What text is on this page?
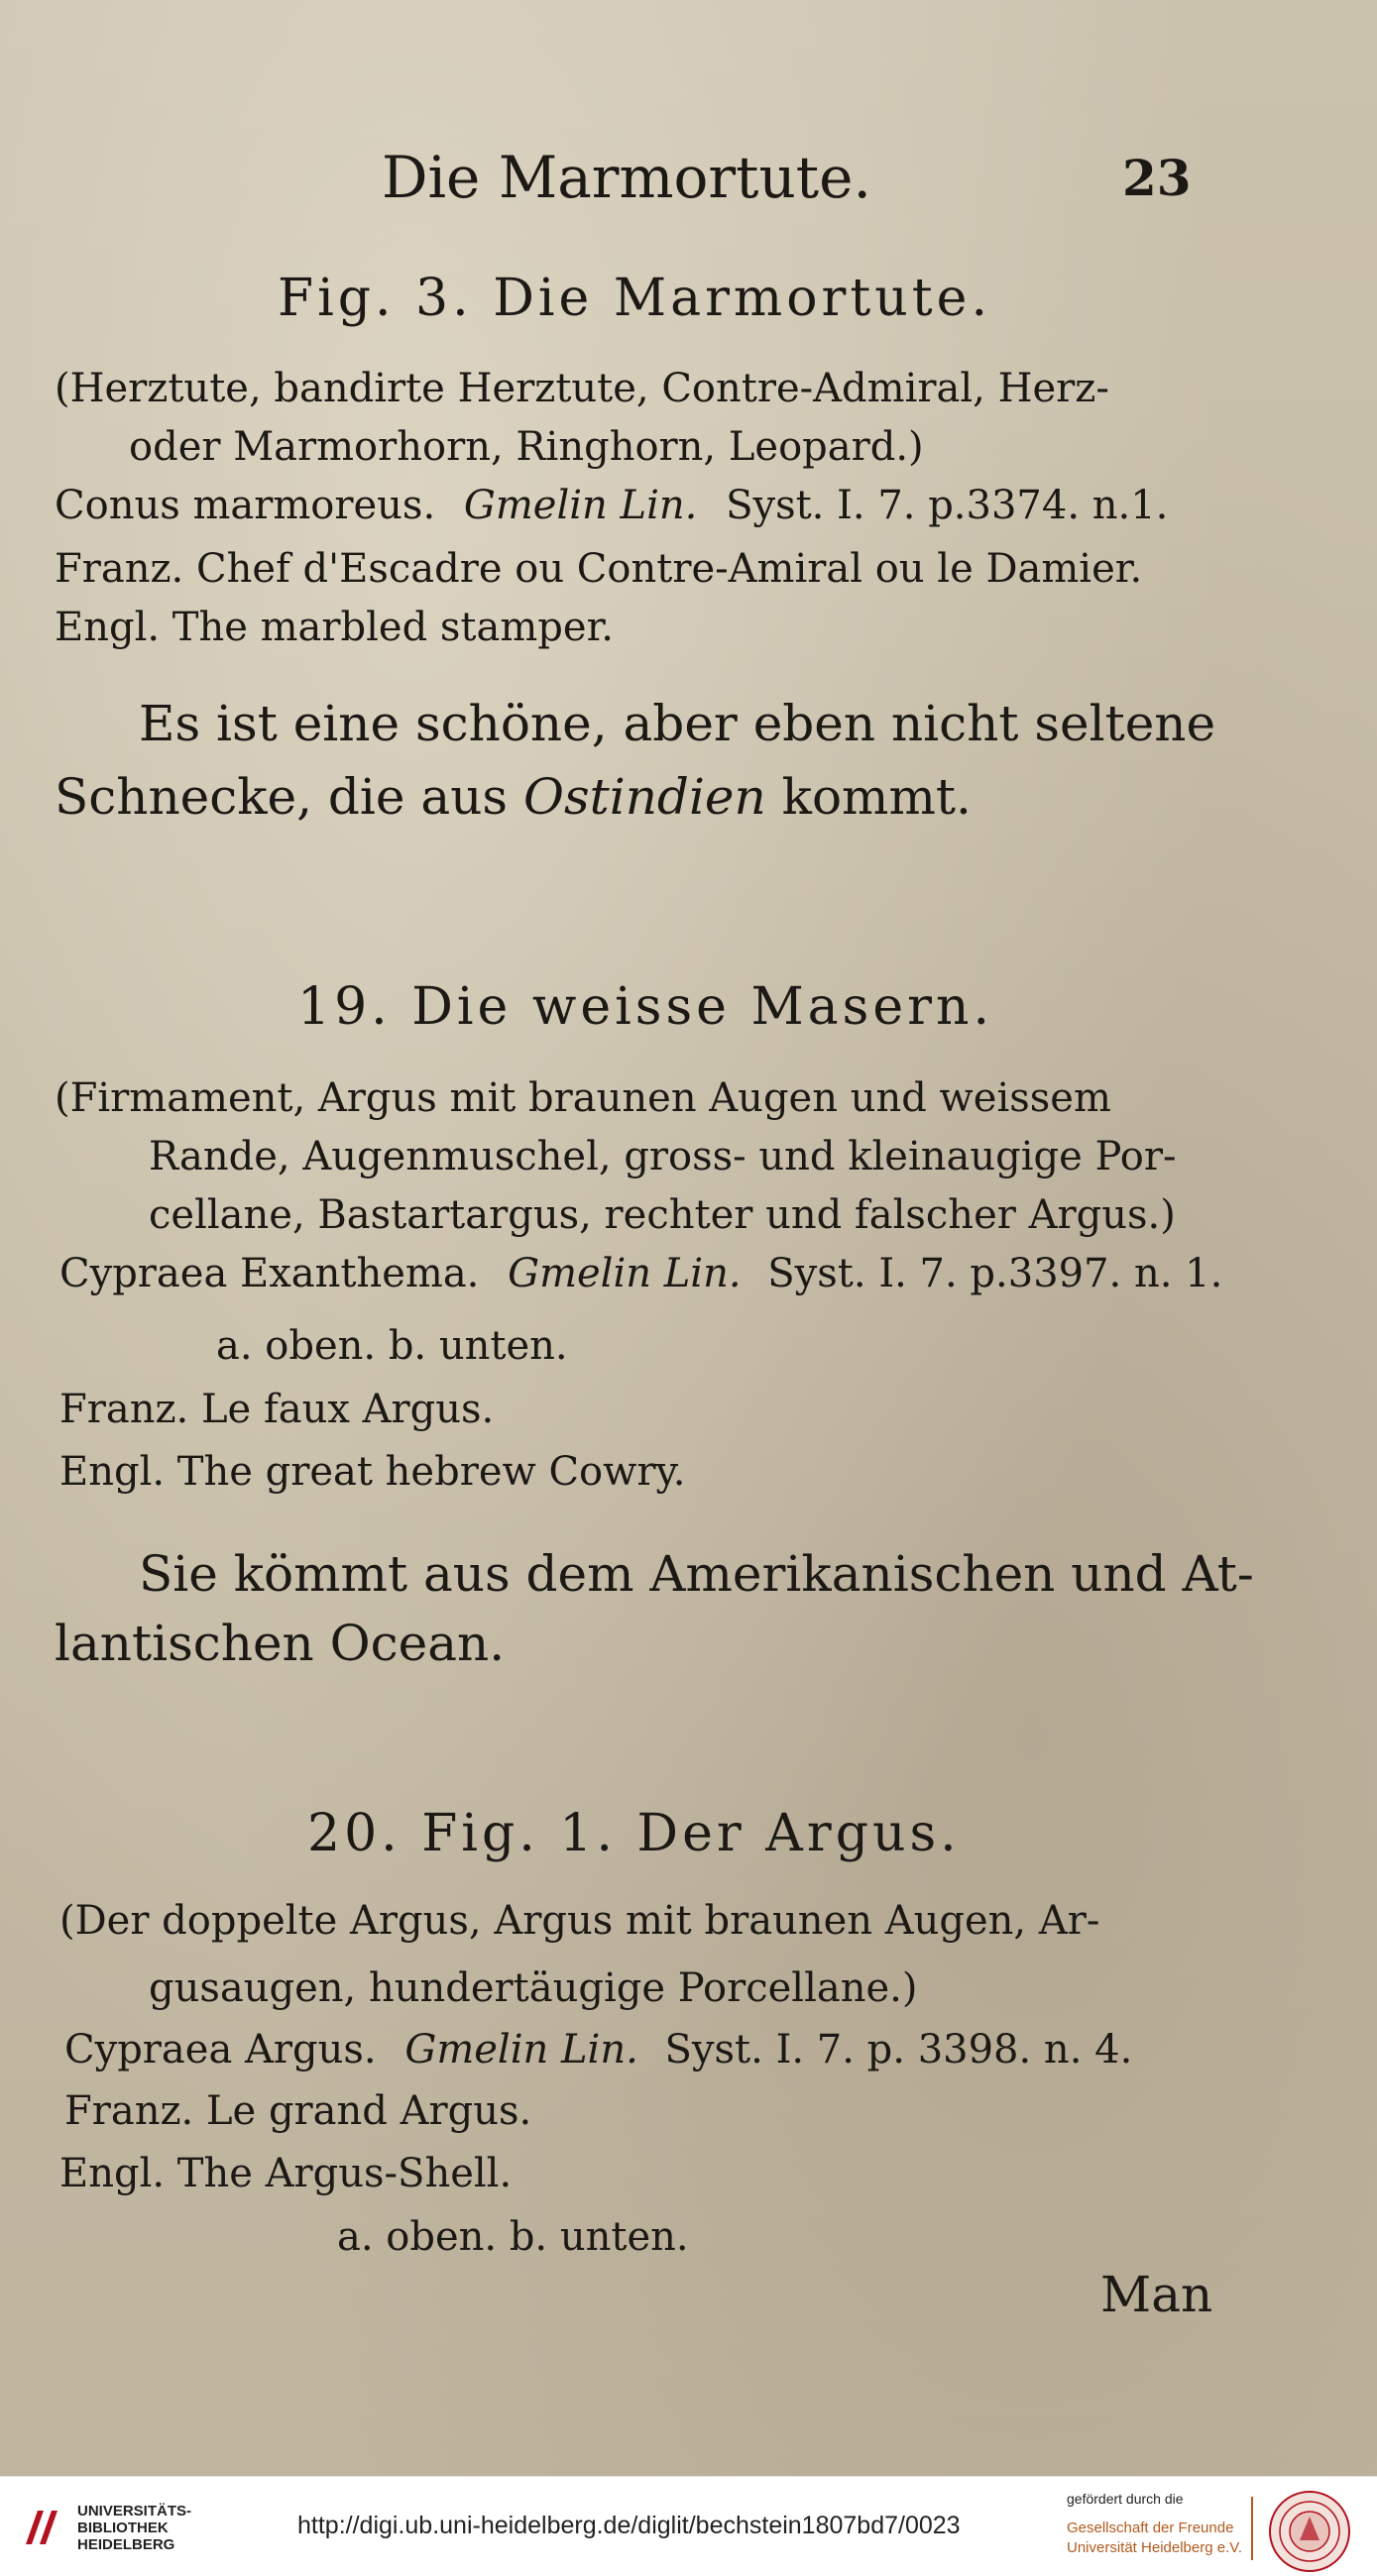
Die Marmortute.	23
Fig. 3. Die Marmortute.
(Herztute, bandirte Herztute, Contre-Admiral, Herz-
oder Marmorhorn, Ringhorn, Leopard.)
Conus marmoreus. Gmelin Lin. Syst. I. 7. p.3374. n.1.
Franz. Chef d'Escadre ou Contre-Amiral ou le Damier.
Engl. The marbled stamper.
Es ist eine schöne, aber eben nicht seltene
Schnecke, die aus Ostindien kommt.
19. Die weisse Masern.
(Firmament, Argus mit braunen Augen und weissem
Rande, Augenmuschel, gross- und kleinaugige Por-
cellane, Bastartargus, rechter und falscher Argus.)
Cypraea Exanthema. Gmelin Lin. Syst. I. 7. p.3397. n. 1.
a. oben. b. unten.
Franz. Le faux Argus.
Engl. The great hebrew Cowry.
Sie kömmt aus dem Amerikanischen und At-
lantischen Ocean.
20. Fig. 1. Der Argus.
(Der doppelte Argus, Argus mit braunen Augen, Ar-
gusaugen, hundertäugige Porcellane.)
Cypraea Argus. Gmelin Lin. Syst. I. 7. p. 3398. n. 4.
Franz. Le grand Argus.
Engl. The Argus-Shell.
a. oben. b. unten.
Man
UNIVERSITÄTS-
BIBLIOTHEK
HEIDELBERG
http://digi.ub.uni-heidelberg.de/diglit/bechstein1807bd7/0023
gefördert durch die
Gesellschaft der Freunde
Universität Heidelberg e.V.
